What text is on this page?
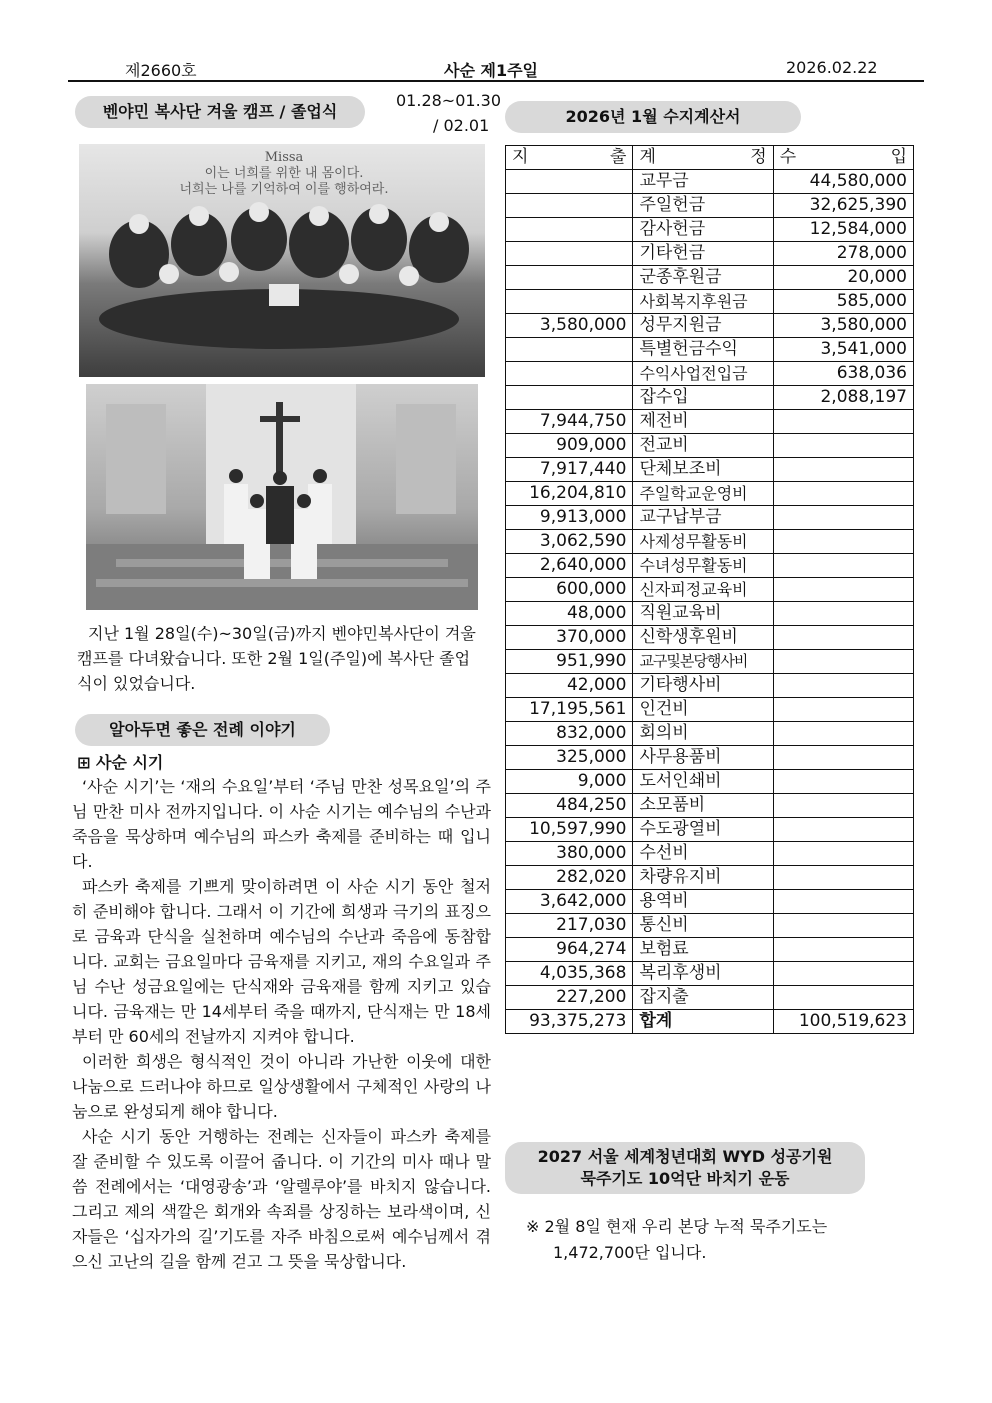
제2660호	사순 제1주일	2026.02.22
벤야민 복사단 겨울 캠프 / 졸업식
01.28~01.30
/ 02.01
Missa
이는 너희를 위한 내 몸이다.
너희는 나를 기억하여 이를 행하여라.

지난 1월 28일(수)~30일(금)까지 벤야민복사단이 겨울캠프를 다녀왔습니다. 또한 2월 1일(주일)에 복사단 졸업식이 있었습니다.

알아두면 좋은 전례 이야기
⊞ 사순 시기

‘사순 시기’는 ‘재의 수요일’부터 ‘주님 만찬 성목요일’의 주님 만찬 미사 전까지입니다. 이 사순 시기는 예수님의 수난과 죽음을 묵상하며 예수님의 파스카 축제를 준비하는 때 입니다.

파스카 축제를 기쁘게 맞이하려면 이 사순 시기 동안 철저히 준비해야 합니다. 그래서 이 기간에 희생과 극기의 표징으로 금육과 단식을 실천하며 예수님의 수난과 죽음에 동참합니다. 교회는 금요일마다 금육재를 지키고, 재의 수요일과 주님 수난 성금요일에는 단식재와 금육재를 함께 지키고 있습니다. 금육재는 만 14세부터 죽을 때까지, 단식재는 만 18세부터 만 60세의 전날까지 지켜야 합니다.

이러한 희생은 형식적인 것이 아니라 가난한 이웃에 대한 나눔으로 드러나야 하므로 일상생활에서 구체적인 사랑의 나눔으로 완성되게 해야 합니다.

사순 시기 동안 거행하는 전례는 신자들이 파스카 축제를 잘 준비할 수 있도록 이끌어 줍니다. 이 기간의 미사 때나 말씀 전례에서는 ‘대영광송’과 ‘알렐루야’를 바치지 않습니다. 그리고 제의 색깔은 회개와 속죄를 상징하는 보라색이며, 신자들은 ‘십자가의 길’기도를 자주 바침으로써 예수님께서 겪으신 고난의 길을 함께 걷고 그 뜻을 묵상합니다.

2026년 1월 수지계산서
지 출	계 정	수 입

	교무금	44,580,000

	주일헌금	32,625,390

	감사헌금	12,584,000

	기타헌금	278,000

	군종후원금	20,000

	사회복지후원금	585,000
3,580,000	성무지원금	3,580,000

	특별헌금수익	3,541,000

	수익사업전입금	638,036

	잡수입	2,088,197
7,944,750	제전비	

909,000	전교비	

7,917,440	단체보조비	

16,204,810	주일학교운영비	

9,913,000	교구납부금	

3,062,590	사제성무활동비	

2,640,000	수녀성무활동비	

600,000	신자피정교육비	

48,000	직원교육비	

370,000	신학생후원비	

951,990	교구및본당행사비	

42,000	기타행사비	

17,195,561	인건비	

832,000	회의비	

325,000	사무용품비	

9,000	도서인쇄비	

484,250	소모품비	

10,597,990	수도광열비	

380,000	수선비	

282,020	차량유지비	

3,642,000	용역비	

217,030	통신비	

964,274	보험료	

4,035,368	복리후생비	

227,200	잡지출	

93,375,273	합계	100,519,623
2027 서울 세계청년대회 WYD 성공기원
묵주기도 10억단 바치기 운동
※ 2월 8일 현재 우리 본당 누적 묵주기도는
1,472,700단 입니다.
